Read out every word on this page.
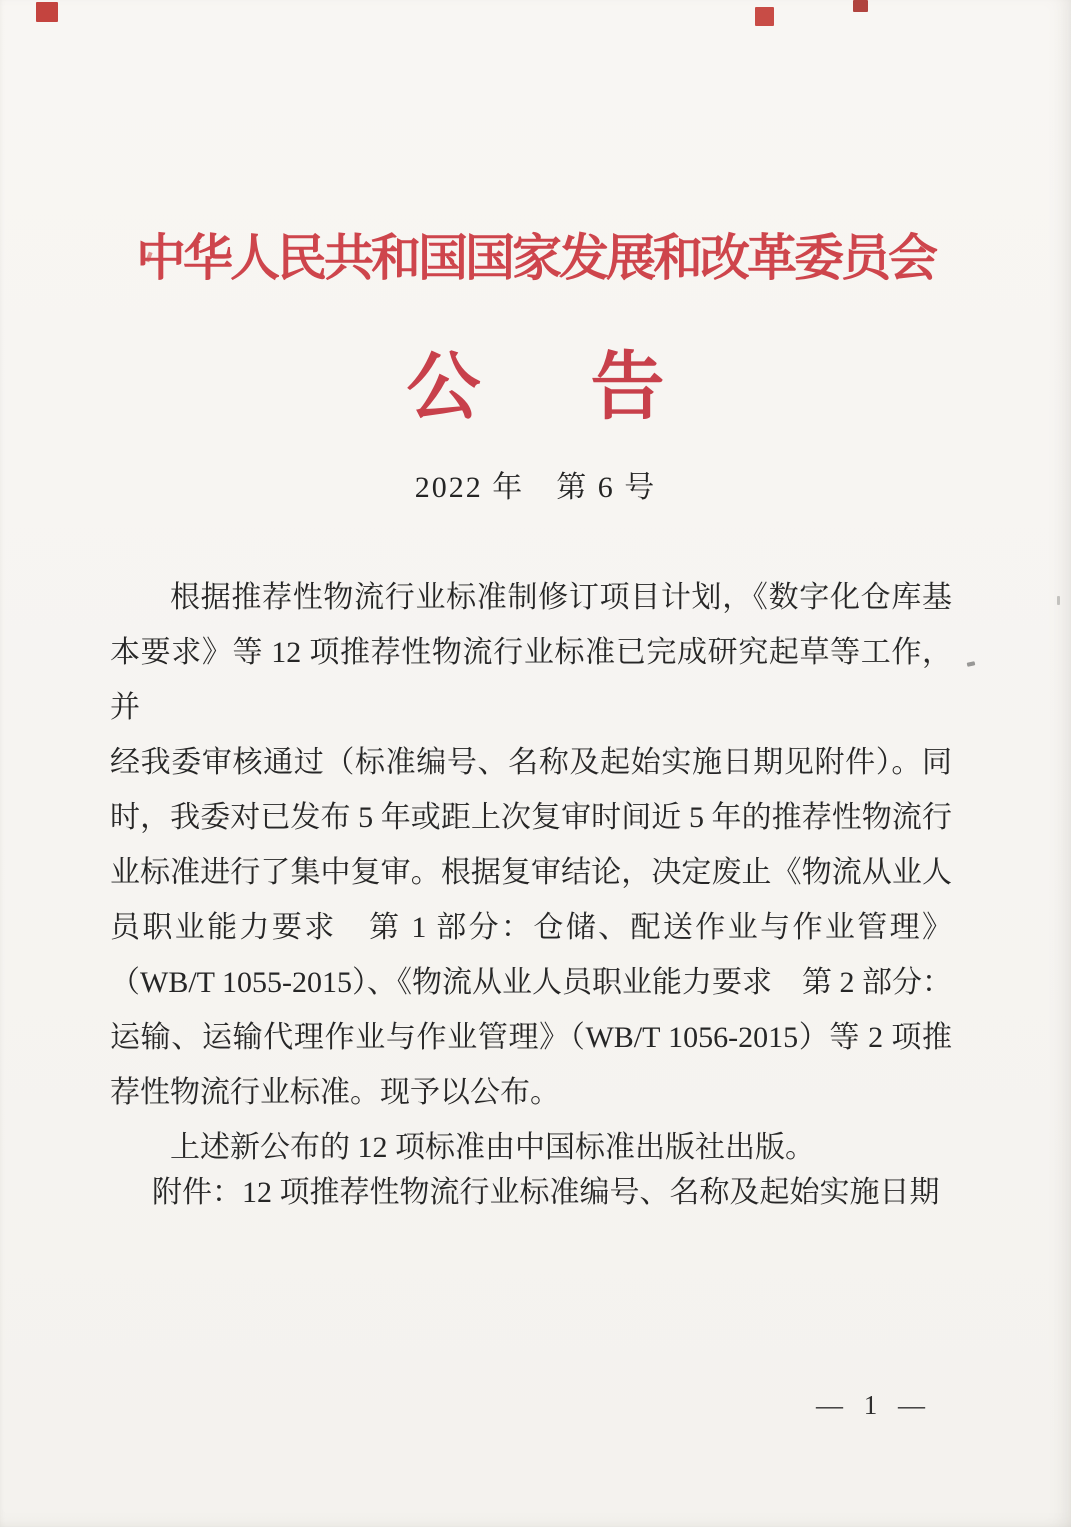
中华人民共和国国家发展和改革委员会
公 告
2022 年　第 6 号
根据推荐性物流行业标准制修订项目计划，《数字化仓库基
本要求》等 12 项推荐性物流行业标准已完成研究起草等工作，并
经我委审核通过（标准编号、名称及起始实施日期见附件）。同
时，我委对已发布 5 年或距上次复审时间近 5 年的推荐性物流行
业标准进行了集中复审。根据复审结论，决定废止《物流从业人
员职业能力要求　第 1 部分：仓储、配送作业与作业管理》
（WB/T 1055-2015）、《物流从业人员职业能力要求　第 2 部分：
运输、运输代理作业与作业管理》（WB/T 1056-2015）等 2 项推
荐性物流行业标准。现予以公布。
上述新公布的 12 项标准由中国标准出版社出版。
附件：12 项推荐性物流行业标准编号、名称及起始实施日期
— 1 —
